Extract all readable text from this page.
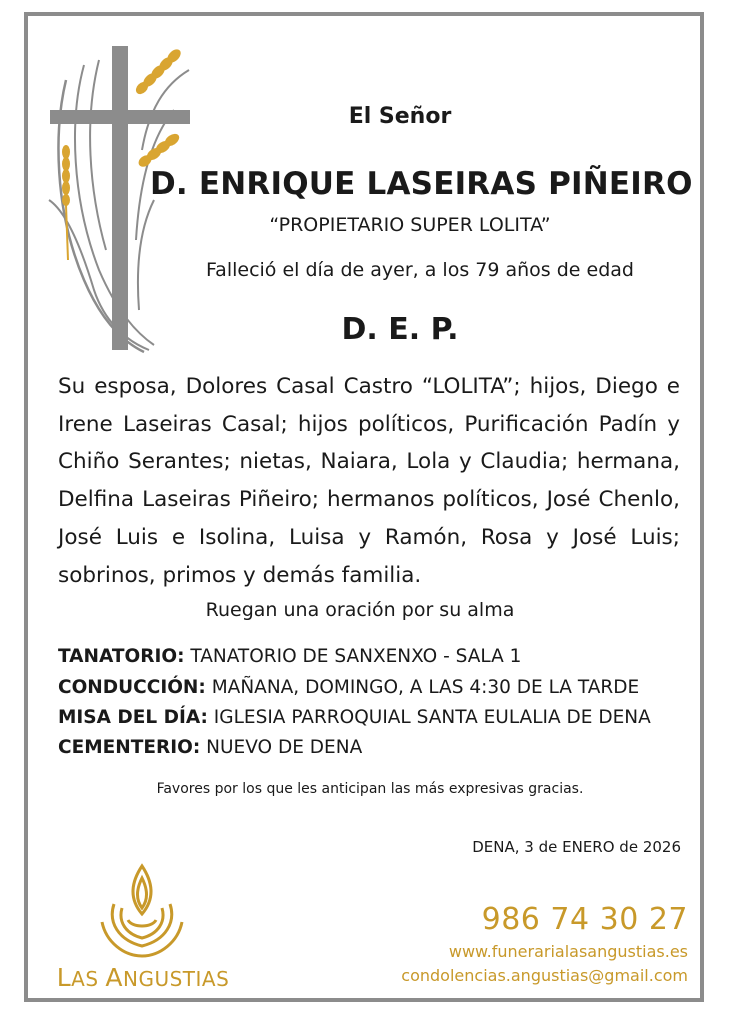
El Señor
D. ENRIQUE LASEIRAS PIÑEIRO
“PROPIETARIO SUPER LOLITA”
Falleció el día de ayer, a los 79 años de edad
D. E. P.
Su esposa, Dolores Casal Castro “LOLITA”; hijos, Diego e
Irene Laseiras Casal; hijos políticos, Purificación Padín y
Chiño Serantes; nietas, Naiara, Lola y Claudia; hermana,
Delfina Laseiras Piñeiro; hermanos políticos, José Chenlo,
José Luis e Isolina, Luisa y Ramón, Rosa y José Luis;
sobrinos, primos y demás familia.
Ruegan una oración por su alma
TANATORIO: TANATORIO DE SANXENXO - SALA 1
CONDUCCIÓN: MAÑANA, DOMINGO, A LAS 4:30 DE LA TARDE
MISA DEL DÍA: IGLESIA PARROQUIAL SANTA EULALIA DE DENA
CEMENTERIO: NUEVO DE DENA
Favores por los que les anticipan las más expresivas gracias.
DENA, 3 de ENERO de 2026
LAS ANGUSTIAS
986 74 30 27
www.funerarialasangustias.es
condolencias.angustias@gmail.com
